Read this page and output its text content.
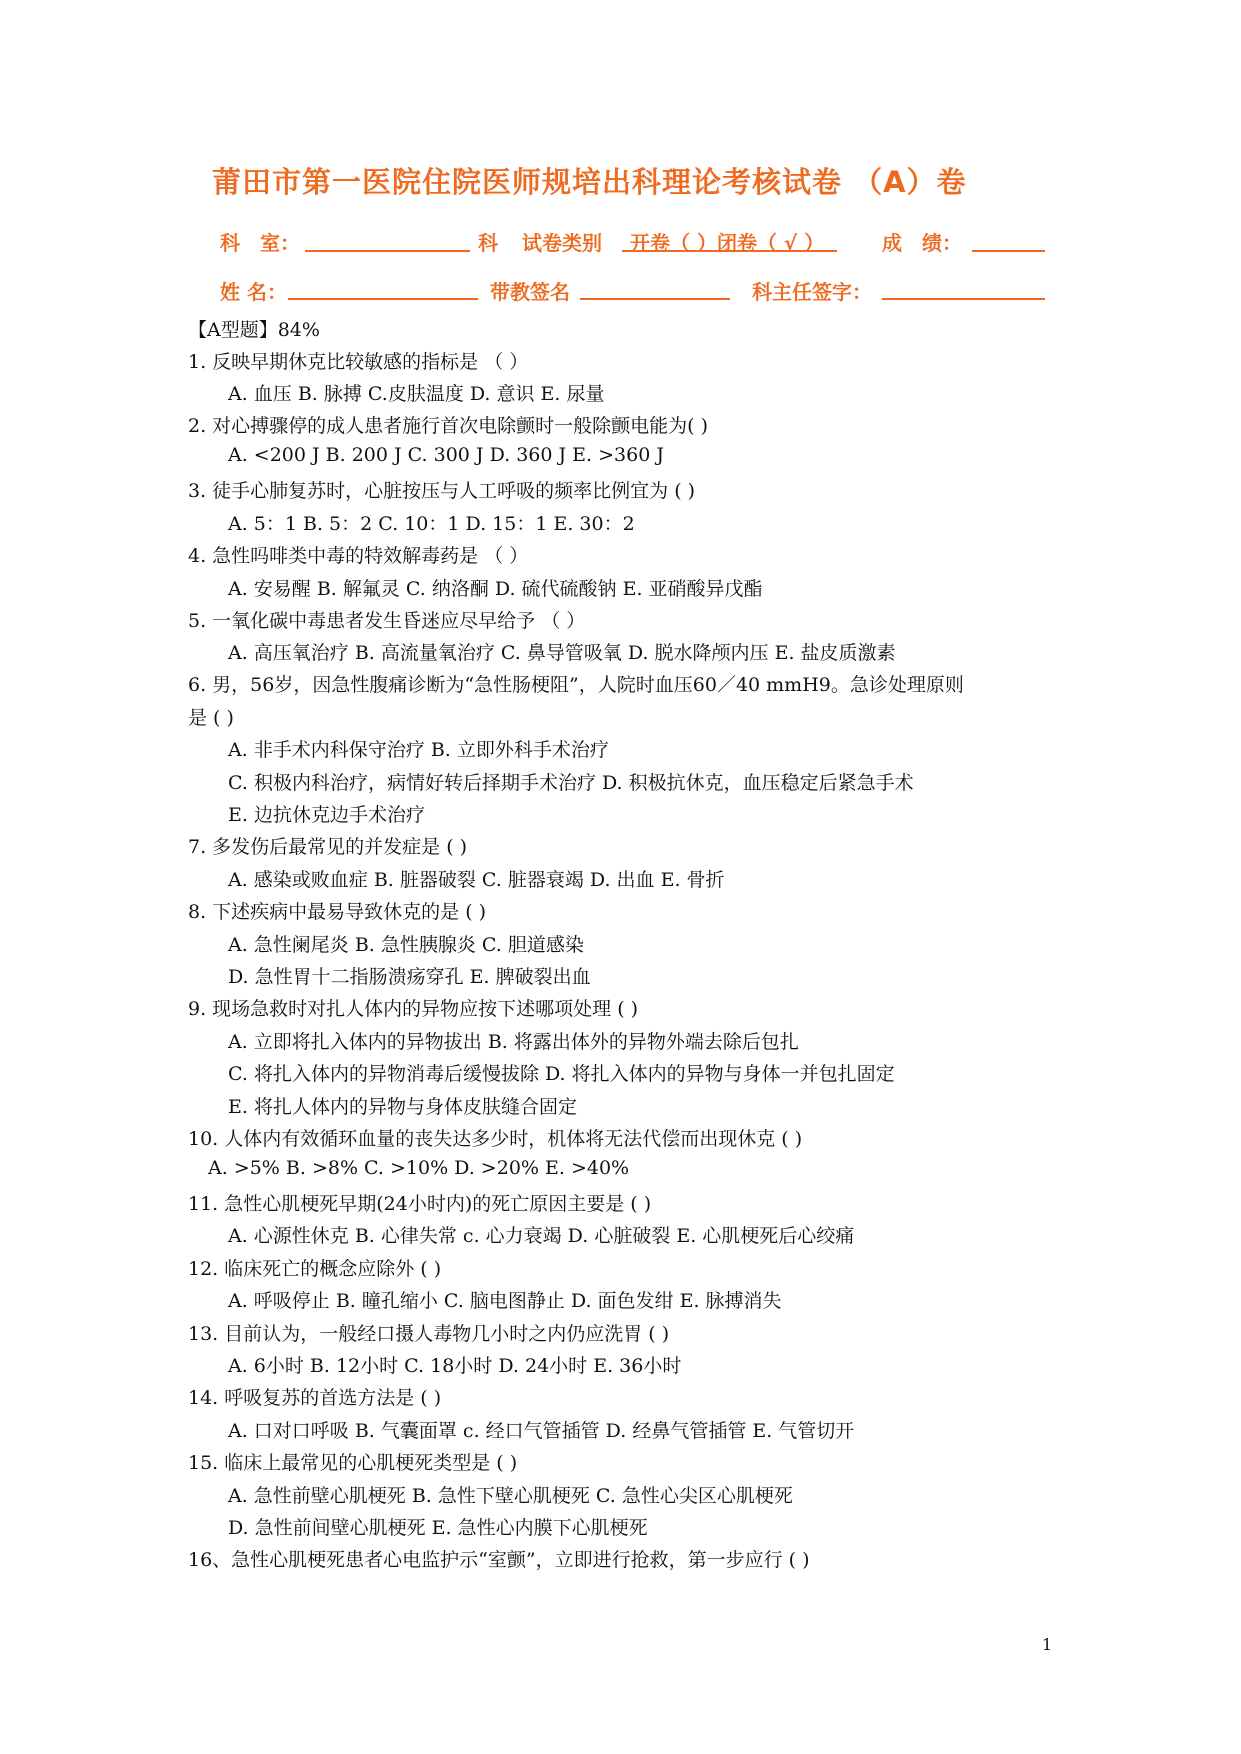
莆田市第一医院住院医师规培出科理论考核试卷 （A）卷
科　室：	科 试卷类别 开卷（ ）闭卷（ √ ）	成　绩：
姓 名：	带教签名	科主任签字：
【A型题】84%
1. 反映早期休克比较敏感的指标是 （ ）
A. 血压 B. 脉搏 C.皮肤温度 D. 意识 E. 尿量
2. 对心搏骤停的成人患者施行首次电除颤时一般除颤电能为( )
A. <200 J B. 200 J C. 300 J D. 360 J E. >360 J
3. 徒手心肺复苏时，心脏按压与人工呼吸的频率比例宜为 ( )
A. 5：1 B. 5：2 C. 10：1 D. 15：1 E. 30：2
4. 急性吗啡类中毒的特效解毒药是 （ ）
A. 安易醒 B. 解氟灵 C. 纳洛酮 D. 硫代硫酸钠 E. 亚硝酸异戊酯
5. 一氧化碳中毒患者发生昏迷应尽早给予 （ ）
A. 高压氧治疗 B. 高流量氧治疗 C. 鼻导管吸氧 D. 脱水降颅内压 E. 盐皮质激素
6. 男，56岁，因急性腹痛诊断为“急性肠梗阻”，人院时血压60／40 mmH9。急诊处理原则
是 ( )
A. 非手术内科保守治疗 B. 立即外科手术治疗
C. 积极内科治疗，病情好转后择期手术治疗 D. 积极抗休克，血压稳定后紧急手术
E. 边抗休克边手术治疗
7. 多发伤后最常见的并发症是 ( )
A. 感染或败血症 B. 脏器破裂 C. 脏器衰竭 D. 出血 E. 骨折
8. 下述疾病中最易导致休克的是 ( )
A. 急性阑尾炎 B. 急性胰腺炎 C. 胆道感染
D. 急性胃十二指肠溃疡穿孔 E. 脾破裂出血
9. 现场急救时对扎人体内的异物应按下述哪项处理 ( )
A. 立即将扎入体内的异物拔出 B. 将露出体外的异物外端去除后包扎
C. 将扎入体内的异物消毒后缓慢拔除 D. 将扎入体内的异物与身体一并包扎固定
E. 将扎人体内的异物与身体皮肤缝合固定
10. 人体内有效循环血量的丧失达多少时，机体将无法代偿而出现休克 ( )
A. >5% B. >8% C. >10% D. >20% E. >40%
11. 急性心肌梗死早期(24小时内)的死亡原因主要是 ( )
A. 心源性休克 B. 心律失常 c. 心力衰竭 D. 心脏破裂 E. 心肌梗死后心绞痛
12. 临床死亡的概念应除外 ( )
A. 呼吸停止 B. 瞳孔缩小 C. 脑电图静止 D. 面色发绀 E. 脉搏消失
13. 目前认为，一般经口摄人毒物几小时之内仍应洗胃 ( )
A. 6小时 B. 12小时 C. 18小时 D. 24小时 E. 36小时
14. 呼吸复苏的首选方法是 ( )
A. 口对口呼吸 B. 气囊面罩 c. 经口气管插管 D. 经鼻气管插管 E. 气管切开
15. 临床上最常见的心肌梗死类型是 ( )
A. 急性前壁心肌梗死 B. 急性下壁心肌梗死 C. 急性心尖区心肌梗死
D. 急性前间壁心肌梗死 E. 急性心内膜下心肌梗死
16、急性心肌梗死患者心电监护示“室颤”，立即进行抢救，第一步应行 ( )
1
